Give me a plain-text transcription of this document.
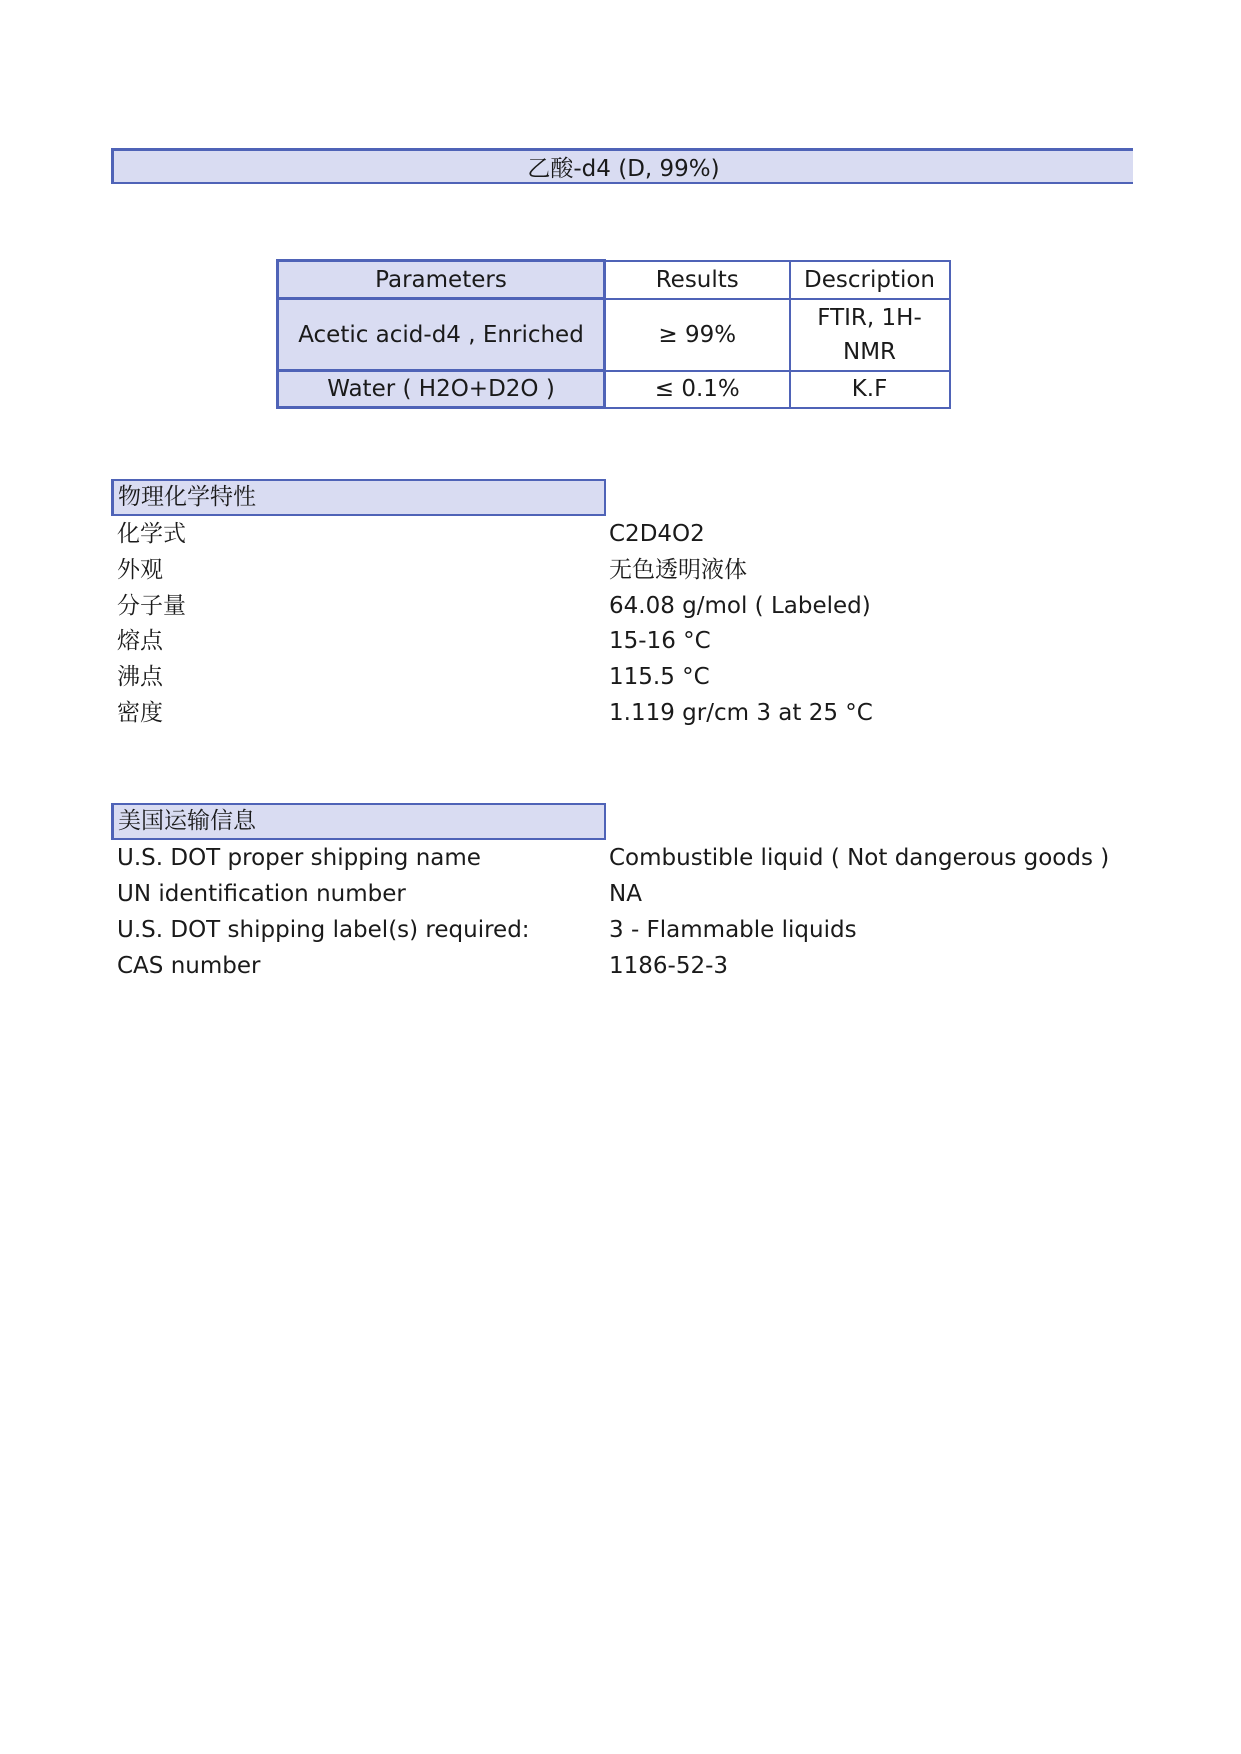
乙酸-d4 (D, 99%)
Parameters	Results	Description
Acetic acid-d4 , Enriched	≥ 99%	FTIR, 1H-
NMR

Water ( H2O+D2O )	≤ 0.1%	K.F
物理化学特性
化学式	C2D4O2
外观	无色透明液体
分子量	64.08 g/mol ( Labeled)
熔点	15-16 °C
沸点	115.5 °C
密度	1.119 gr/cm 3 at 25 °C
美国运输信息
U.S. DOT proper shipping name	Combustible liquid ( Not dangerous goods )
UN identification number	NA
U.S. DOT shipping label(s) required:	3 - Flammable liquids
CAS number	1186-52-3
